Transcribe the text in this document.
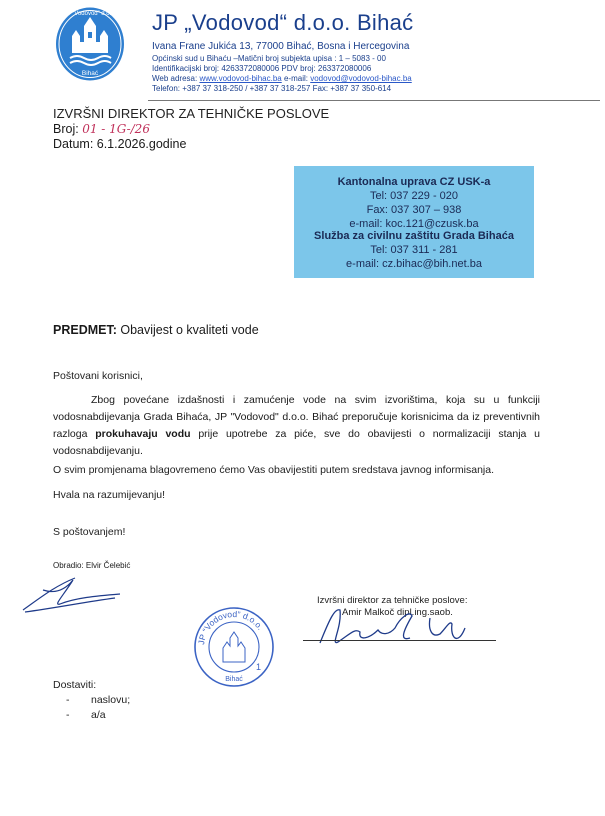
Bihać
JP “Vodovod” d.o.o. JP „Vodovod“ d.o.o. Bihać
Ivana Frane Jukića 13, 77000 Bihać, Bosna i Hercegovina
Općinski sud u Bihaću –Matični broj subjekta upisa : 1 – 5083 - 00
Identifikacijski broj: 4263372080006 PDV broj: 263372080006
Web adresa: www.vodovod-bihac.ba e-mail: vodovod@vodovod-bihac.ba
Telefon: +387 37 318-250 / +387 37 318-257 Fax: +387 37 350-614
IZVRŠNI DIREKTOR ZA TEHNIČKE POSLOVE
Broj: 01 - 1G-/26
Datum: 6.1.2026.godine
Kantonalna uprava CZ USK-a
Tel: 037 229 - 020
Fax: 037 307 – 938
e-mail: koc.121@czusk.ba
Služba za civilnu zaštitu Grada Bihaća
Tel: 037 311 - 281
e-mail: cz.bihac@bih.net.ba
PREDMET: Obavijest o kvaliteti vode
Poštovani korisnici,
Zbog povećane izdašnosti i zamućenje vode na svim izvorištima, koja su u funkciji vodosnabdijevanja Grada Bihaća, JP "Vodovod" d.o.o. Bihać preporučuje korisnicima da iz preventivnih razloga prokuhavaju vodu prije upotrebe za piće, sve do obavijesti o normalizaciji stanja u vodosnabdijevanju.
O svim promjenama blagovremeno ćemo Vas obavijestiti putem sredstava javnog informisanja.
Hvala na razumijevanju!
S poštovanjem!
Obradio: Elvir Čelebić
Izvršni direktor za tehničke poslove:
Amir Malkoč dipl.ing.saob.
JP “Vodovod” d.o.o.
Bihać
1
Dostaviti:
- naslovu;
- a/a
